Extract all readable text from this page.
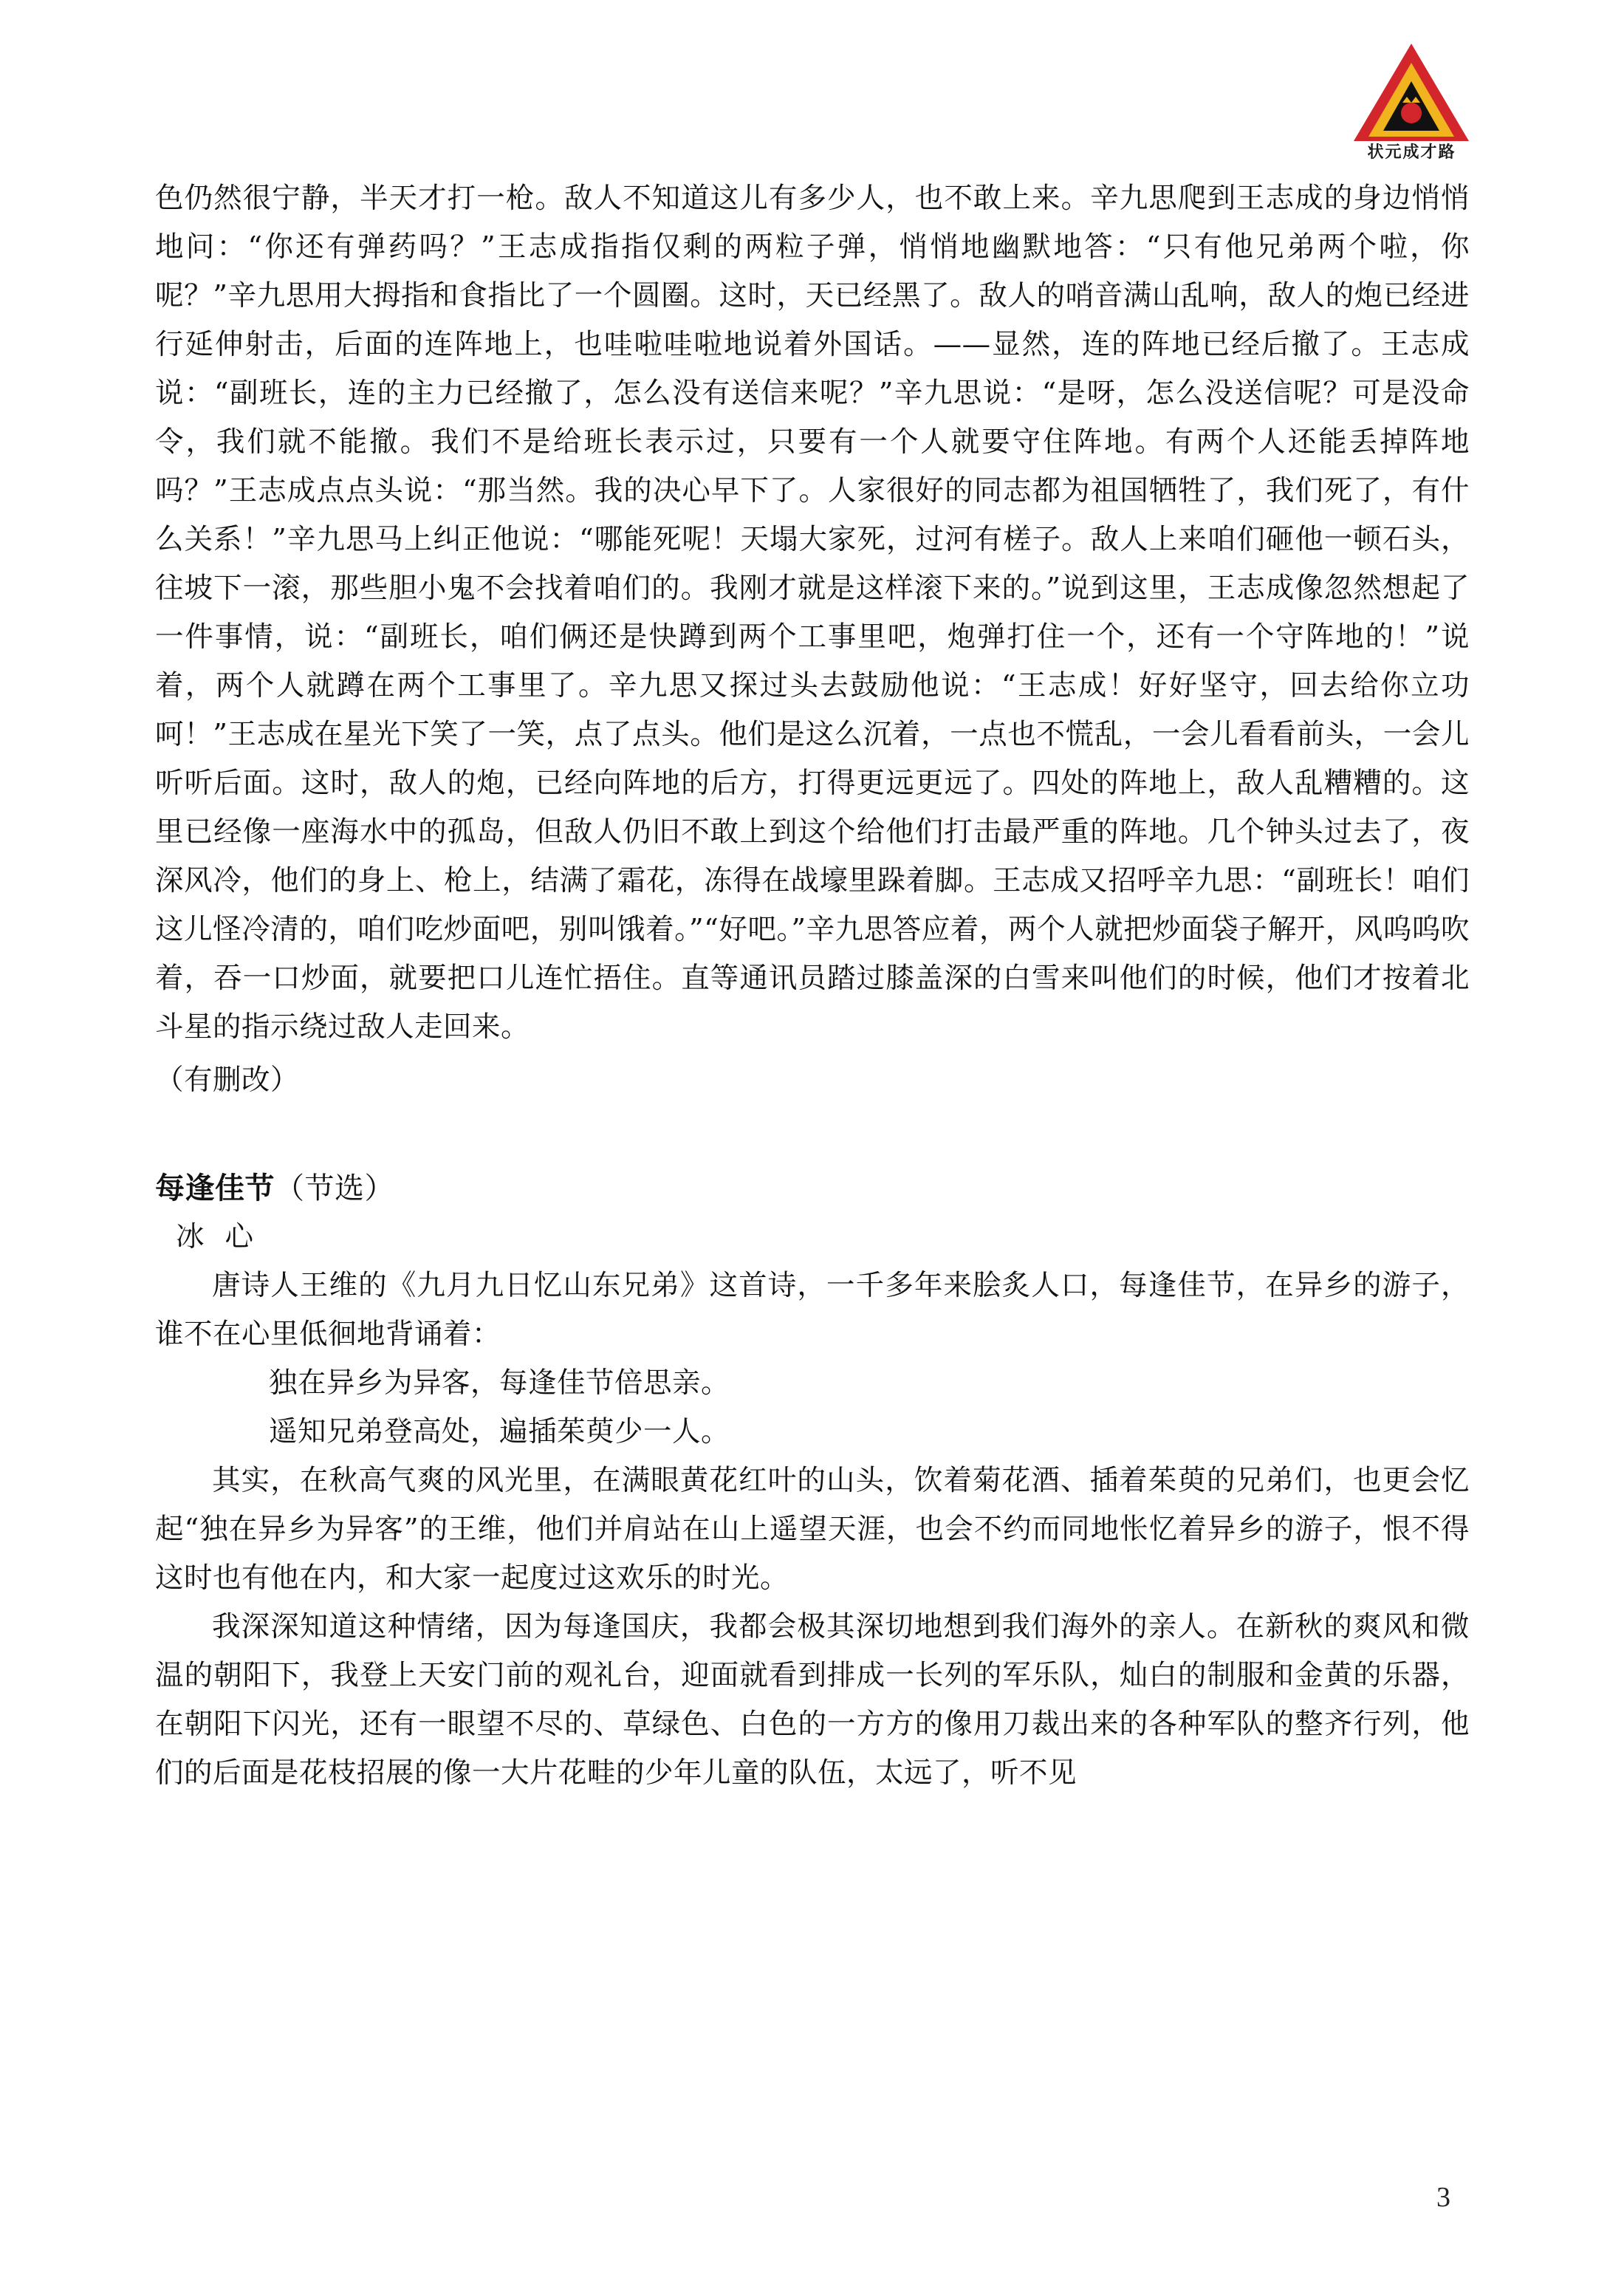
状元成才路

色仍然很宁静，半天才打一枪。敌人不知道这儿有多少人，也不敢上来。辛九思爬到王志成的身边悄悄地问：“你还有弹药吗？”王志成指指仅剩的两粒子弹，悄悄地幽默地答：“只有他兄弟两个啦，你呢？”辛九思用大拇指和食指比了一个圆圈。这时，天已经黑了。敌人的哨音满山乱响，敌人的炮已经进行延伸射击，后面的连阵地上，也哇啦哇啦地说着外国话。——显然，连的阵地已经后撤了。王志成说：“副班长，连的主力已经撤了，怎么没有送信来呢？”辛九思说：“是呀，怎么没送信呢？可是没命令，我们就不能撤。我们不是给班长表示过，只要有一个人就要守住阵地。有两个人还能丢掉阵地吗？”王志成点点头说：“那当然。我的决心早下了。人家很好的同志都为祖国牺牲了，我们死了，有什么关系！”辛九思马上纠正他说：“哪能死呢！天塌大家死，过河有槎子。敌人上来咱们砸他一顿石头，往坡下一滚，那些胆小鬼不会找着咱们的。我刚才就是这样滚下来的。”说到这里，王志成像忽然想起了一件事情，说：“副班长，咱们俩还是快蹲到两个工事里吧，炮弹打住一个，还有一个守阵地的！”说着，两个人就蹲在两个工事里了。辛九思又探过头去鼓励他说：“王志成！好好坚守，回去给你立功呵！”王志成在星光下笑了一笑，点了点头。他们是这么沉着，一点也不慌乱，一会儿看看前头，一会儿听听后面。这时，敌人的炮，已经向阵地的后方，打得更远更远了。四处的阵地上，敌人乱糟糟的。这里已经像一座海水中的孤岛，但敌人仍旧不敢上到这个给他们打击最严重的阵地。几个钟头过去了，夜深风冷，他们的身上、枪上，结满了霜花，冻得在战壕里跺着脚。王志成又招呼辛九思：“副班长！咱们这儿怪冷清的，咱们吃炒面吧，别叫饿着。”“好吧。”辛九思答应着，两个人就把炒面袋子解开，风呜呜吹着，吞一口炒面，就要把口儿连忙捂住。直等通讯员踏过膝盖深的白雪来叫他们的时候，他们才按着北斗星的指示绕过敌人走回来。

（有删改）

每逢佳节（节选）

冰心

唐诗人王维的《九月九日忆山东兄弟》这首诗，一千多年来脍炙人口，每逢佳节，在异乡的游子，谁不在心里低徊地背诵着：

独在异乡为异客，每逢佳节倍思亲。

遥知兄弟登高处，遍插茱萸少一人。

其实，在秋高气爽的风光里，在满眼黄花红叶的山头，饮着菊花酒、插着茱萸的兄弟们，也更会忆起“独在异乡为异客”的王维，他们并肩站在山上遥望天涯，也会不约而同地怅忆着异乡的游子，恨不得这时也有他在内，和大家一起度过这欢乐的时光。

我深深知道这种情绪，因为每逢国庆，我都会极其深切地想到我们海外的亲人。在新秋的爽风和微温的朝阳下，我登上天安门前的观礼台，迎面就看到排成一长列的军乐队，灿白的制服和金黄的乐器，在朝阳下闪光，还有一眼望不尽的、草绿色、白色的一方方的像用刀裁出来的各种军队的整齐行列，他们的后面是花枝招展的像一大片花畦的少年儿童的队伍，太远了，听不见

3
